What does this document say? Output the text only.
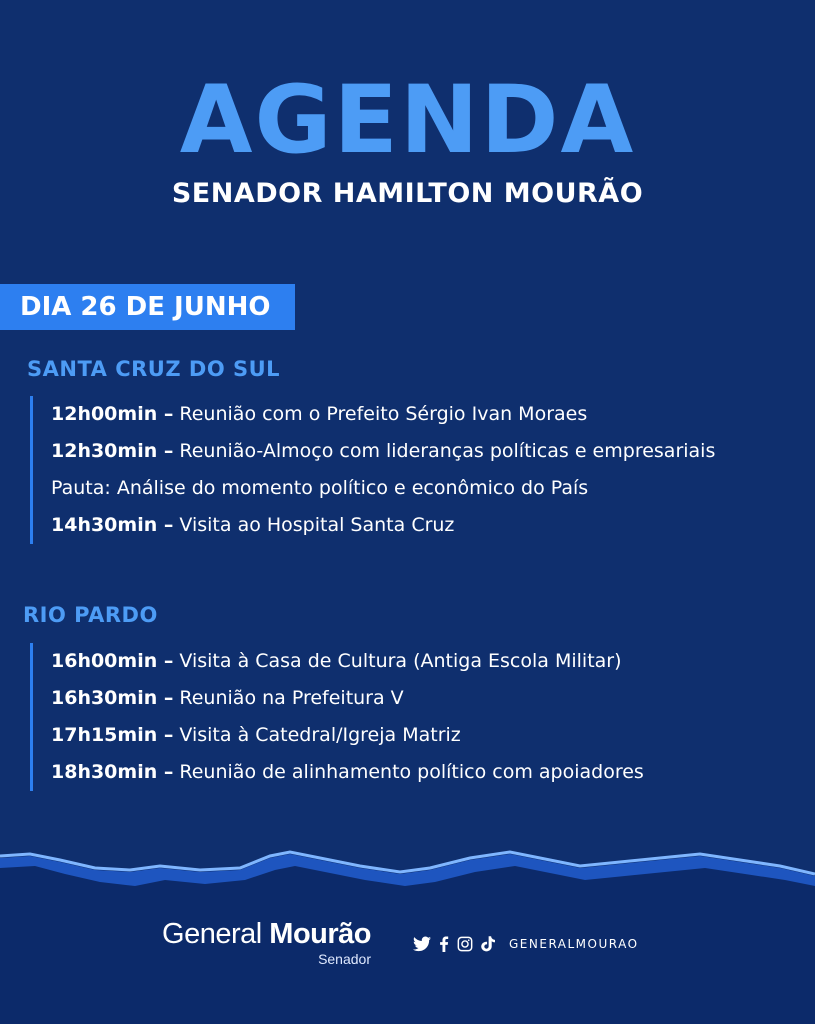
AGENDA
SENADOR HAMILTON MOURÃO
DIA 26 DE JUNHO
SANTA CRUZ DO SUL
12h00min – Reunião com o Prefeito Sérgio Ivan Moraes
12h30min – Reunião-Almoço com lideranças políticas e empresariais
Pauta: Análise do momento político e econômico do País
14h30min – Visita ao Hospital Santa Cruz
RIO PARDO
16h00min – Visita à Casa de Cultura (Antiga Escola Militar)
16h30min – Reunião na Prefeitura V
17h15min – Visita à Catedral/Igreja Matriz
18h30min – Reunião de alinhamento político com apoiadores
General Mourão
Senador
GENERALMOURAO
